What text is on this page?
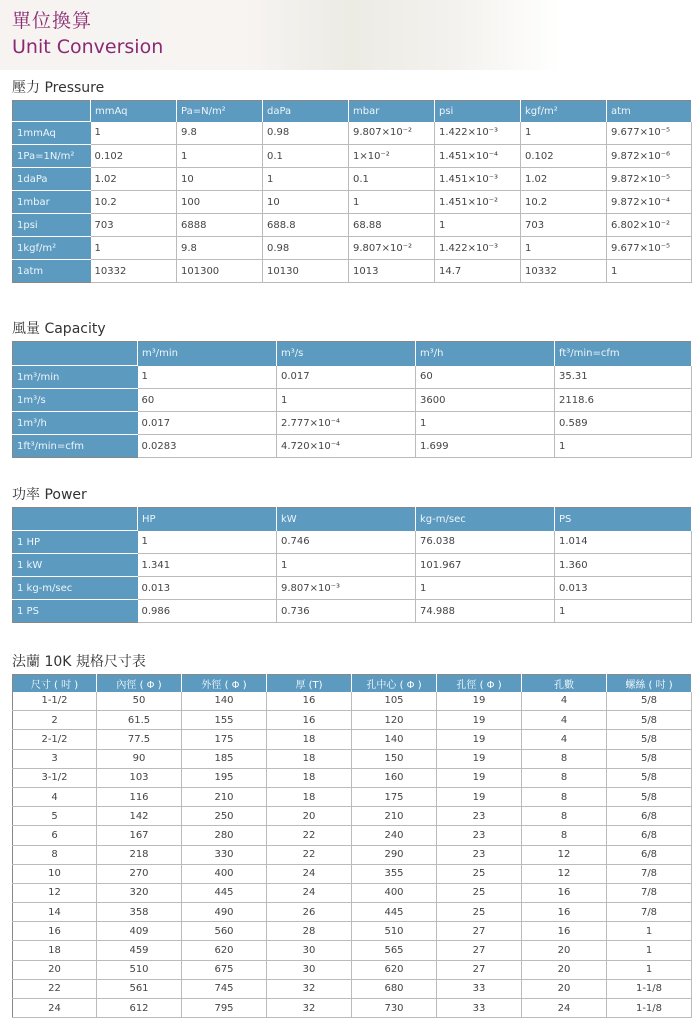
單位換算
Unit Conversion
壓力 Pressure
	mmAq	Pa=N/m²	daPa	mbar	psi	kgf/m²	atm
1mmAq	1	9.8	0.98	9.807×10⁻²	1.422×10⁻³	1	9.677×10⁻⁵
1Pa=1N/m²	0.102	1	0.1	1×10⁻²	1.451×10⁻⁴	0.102	9.872×10⁻⁶
1daPa	1.02	10	1	0.1	1.451×10⁻³	1.02	9.872×10⁻⁵
1mbar	10.2	100	10	1	1.451×10⁻²	10.2	9.872×10⁻⁴
1psi	703	6888	688.8	68.88	1	703	6.802×10⁻²
1kgf/m²	1	9.8	0.98	9.807×10⁻²	1.422×10⁻³	1	9.677×10⁻⁵
1atm	10332	101300	10130	1013	14.7	10332	1
風量 Capacity
	m³/min	m³/s	m³/h	ft³/min=cfm
1m³/min	1	0.017	60	35.31
1m³/s	60	1	3600	2118.6
1m³/h	0.017	2.777×10⁻⁴	1	0.589
1ft³/min=cfm	0.0283	4.720×10⁻⁴	1.699	1
功率 Power
	HP	kW	kg-m/sec	PS
1 HP	1	0.746	76.038	1.014
1 kW	1.341	1	101.967	1.360
1 kg-m/sec	0.013	9.807×10⁻³	1	0.013
1 PS	0.986	0.736	74.988	1
法蘭 10K 規格尺寸表
尺寸 ( 吋 )	內徑 ( Φ )	外徑 ( Φ )	厚 (T)	孔中心 ( Φ )	孔徑 ( Φ )	孔數	螺絲 ( 吋 )
1-1/2	50	140	16	105	19	4	5/8
2	61.5	155	16	120	19	4	5/8
2-1/2	77.5	175	18	140	19	4	5/8
3	90	185	18	150	19	8	5/8
3-1/2	103	195	18	160	19	8	5/8
4	116	210	18	175	19	8	5/8
5	142	250	20	210	23	8	6/8
6	167	280	22	240	23	8	6/8
8	218	330	22	290	23	12	6/8
10	270	400	24	355	25	12	7/8
12	320	445	24	400	25	16	7/8
14	358	490	26	445	25	16	7/8
16	409	560	28	510	27	16	1
18	459	620	30	565	27	20	1
20	510	675	30	620	27	20	1
22	561	745	32	680	33	20	1-1/8
24	612	795	32	730	33	24	1-1/8
